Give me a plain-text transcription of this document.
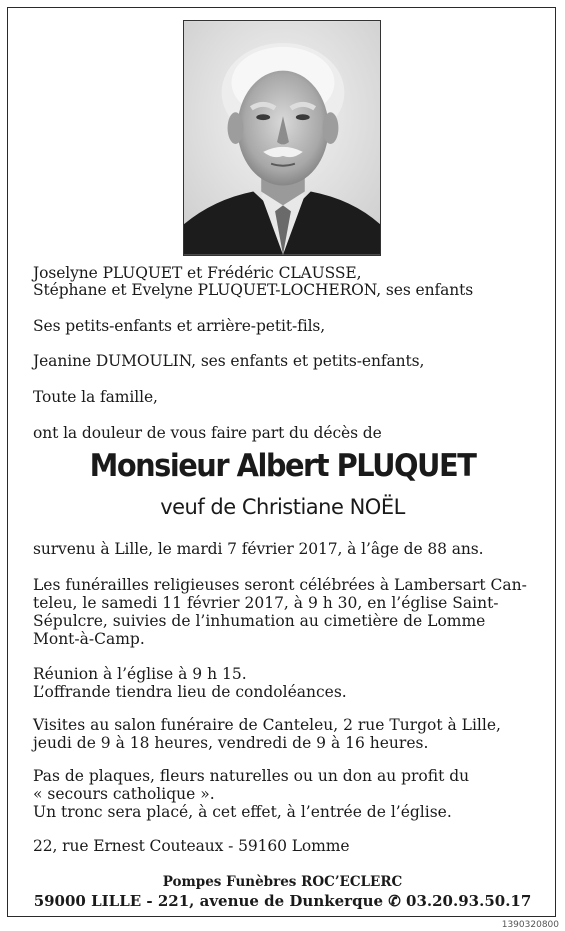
Joselyne PLUQUET et Frédéric CLAUSSE,
Stéphane et Evelyne PLUQUET-LOCHERON, ses enfants
Ses petits-enfants et arrière-petit-fils,
Jeanine DUMOULIN, ses enfants et petits-enfants,
Toute la famille,
ont la douleur de vous faire part du décès de
Monsieur Albert PLUQUET
veuf de Christiane NOËL
survenu à Lille, le mardi 7 février 2017, à l’âge de 88 ans.
Les funérailles religieuses seront célébrées à Lambersart Can-
teleu, le samedi 11 février 2017, à 9 h 30, en l’église Saint-
Sépulcre, suivies de l’inhumation au cimetière de Lomme
Mont-à-Camp.
Réunion à l’église à 9 h 15.
L’offrande tiendra lieu de condoléances.
Visites au salon funéraire de Canteleu, 2 rue Turgot à Lille,
jeudi de 9 à 18 heures, vendredi de 9 à 16 heures.
Pas de plaques, fleurs naturelles ou un don au profit du
« secours catholique ».
Un tronc sera placé, à cet effet, à l’entrée de l’église.
22, rue Ernest Couteaux - 59160 Lomme
Pompes Funèbres ROC’ECLERC
59000 LILLE - 221, avenue de Dunkerque ✆ 03.20.93.50.17
1390320800
